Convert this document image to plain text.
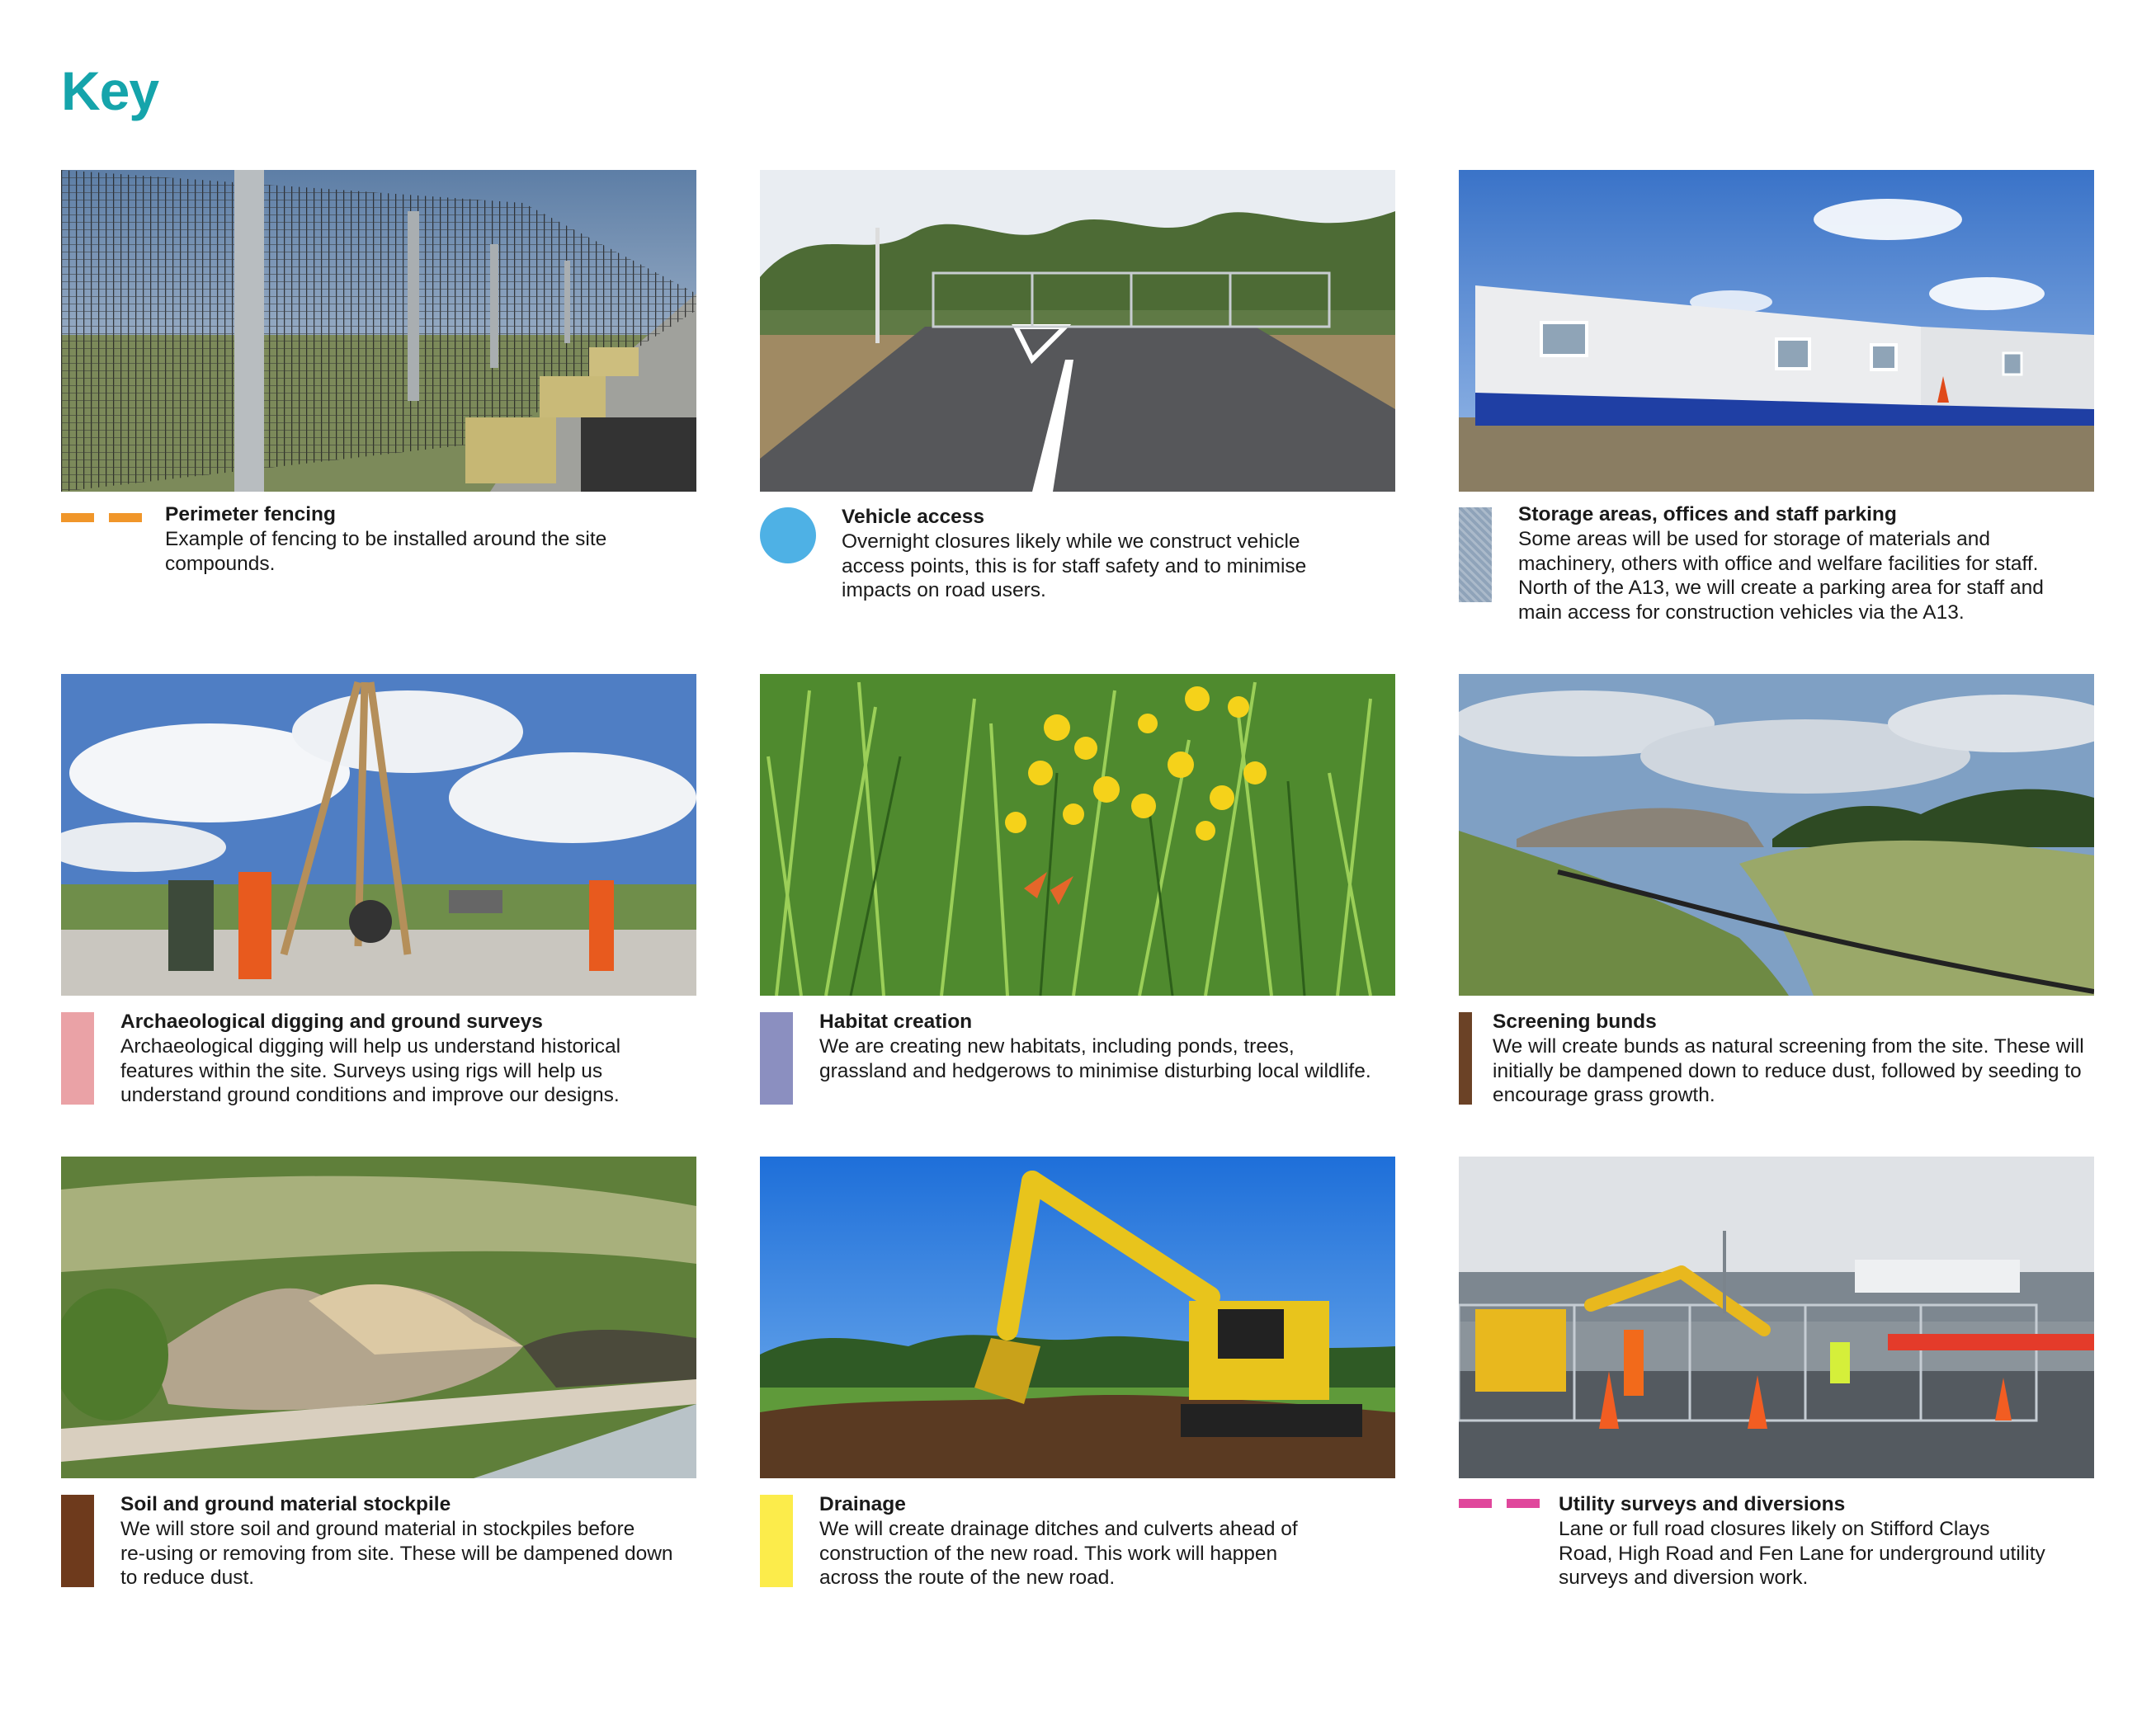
Key
Perimeter fencing
Example of fencing to be installed around the site
compounds.
Vehicle access
Overnight closures likely while we construct vehicle
access points, this is for staff safety and to minimise
impacts on road users.
Storage areas, offices and staff parking
Some areas will be used for storage of materials and
machinery, others with office and welfare facilities for staff.
North of the A13, we will create a parking area for staff and
main access for construction vehicles via the A13.
Archaeological digging and ground surveys
Archaeological digging will help us understand historical
features within the site. Surveys using rigs will help us
understand ground conditions and improve our designs.
Habitat creation
We are creating new habitats, including ponds, trees,
grassland and hedgerows to minimise disturbing local wildlife.
Screening bunds
We will create bunds as natural screening from the site. These will
initially be dampened down to reduce dust, followed by seeding to
encourage grass growth.
Soil and ground material stockpile
We will store soil and ground material in stockpiles before
re-using or removing from site. These will be dampened down
to reduce dust.
Drainage
We will create drainage ditches and culverts ahead of
construction of the new road. This work will happen
across the route of the new road.
Utility surveys and diversions
Lane or full road closures likely on Stifford Clays
Road, High Road and Fen Lane for underground utility
surveys and diversion work.
